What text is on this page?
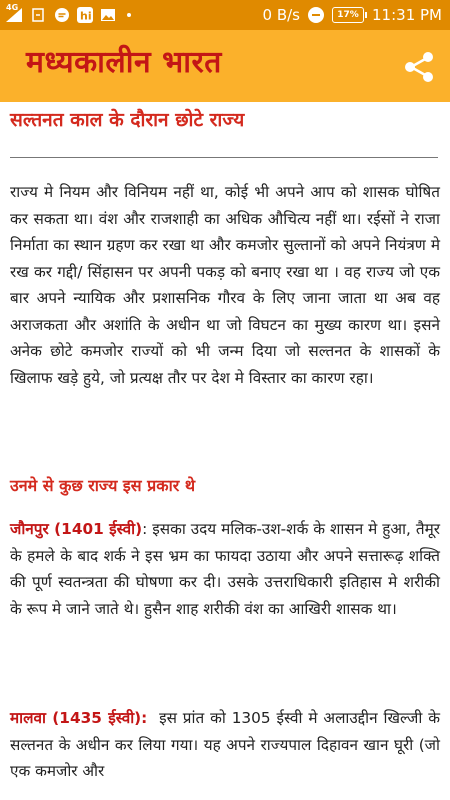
4G
hi	0 B/s	17% 11:31 PM
मध्यकालीन भारत
सल्तनत काल के दौरान छोटे राज्य

राज्य मे नियम और विनियम नहीं था, कोई भी अपने आप को शासक घोषित कर सकता था। वंश और राजशाही का अधिक औचित्य नहीं था। रईसों ने राजा निर्माता का स्थान ग्रहण कर रखा था और कमजोर सुल्तानों को अपने नियंत्रण मे रख कर गद्दी/ सिंहासन पर अपनी पकड़ को बनाए रखा था । वह राज्य जो एक बार अपने न्यायिक और प्रशासनिक गौरव के लिए जाना जाता था अब वह अराजकता और अशांति के अधीन था जो विघटन का मुख्य कारण था। इसने अनेक छोटे कमजोर राज्यों को भी जन्म दिया जो सल्तनत के शासकों के खिलाफ खड़े हुये, जो प्रत्यक्ष तौर पर देश मे विस्तार का कारण रहा।

उनमे से कुछ राज्य इस प्रकार थे

जौनपुर (1401 ईस्वी): इसका उदय मलिक-उश-शर्क के शासन मे हुआ, तैमूर के हमले के बाद शर्क ने इस भ्रम का फायदा उठाया और अपने सत्तारूढ़ शक्ति की पूर्ण स्वतन्त्रता की घोषणा कर दी। उसके उत्तराधिकारी इतिहास मे शरीकी के रूप मे जाने जाते थे। हुसैन शाह शरीकी वंश का आखिरी शासक था।

मालवा (1435 ईस्वी): इस प्रांत को 1305 ईस्वी मे अलाउद्दीन खिल्जी के सल्तनत के अधीन कर लिया गया। यह अपने राज्यपाल दिहावन खान घूरी (जो एक कमजोर और
